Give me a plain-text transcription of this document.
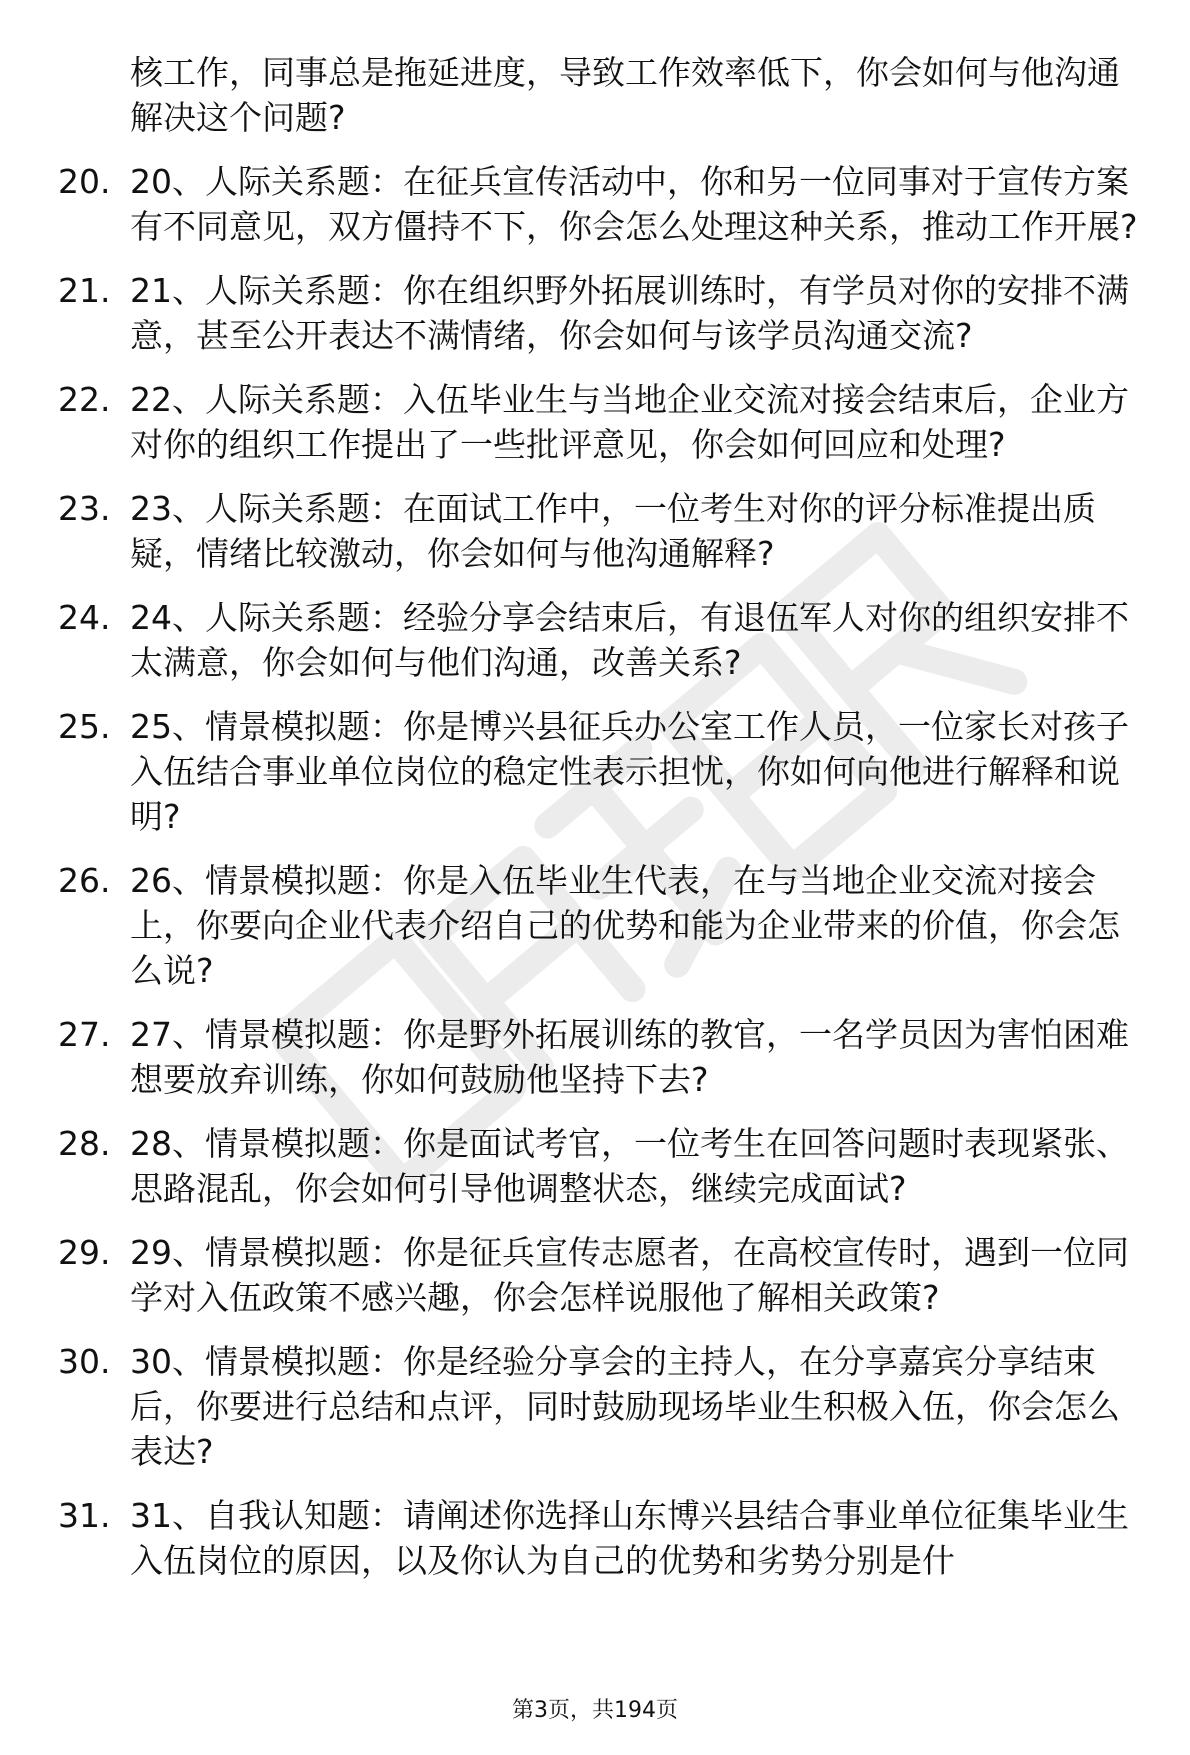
核工作，同事总是拖延进度，导致工作效率低下，你会如何与他沟通解决这个问题?

20. 20、人际关系题：在征兵宣传活动中，你和另一位同事对于宣传方案有不同意见，双方僵持不下，你会怎么处理这种关系，推动工作开展?

21. 21、人际关系题：你在组织野外拓展训练时，有学员对你的安排不满意，甚至公开表达不满情绪，你会如何与该学员沟通交流?

22. 22、人际关系题：入伍毕业生与当地企业交流对接会结束后，企业方对你的组织工作提出了一些批评意见，你会如何回应和处理?

23. 23、人际关系题：在面试工作中，一位考生对你的评分标准提出质疑，情绪比较激动，你会如何与他沟通解释?

24. 24、人际关系题：经验分享会结束后，有退伍军人对你的组织安排不太满意，你会如何与他们沟通，改善关系?

25. 25、情景模拟题：你是博兴县征兵办公室工作人员，一位家长对孩子入伍结合事业单位岗位的稳定性表示担忧，你如何向他进行解释和说明?

26. 26、情景模拟题：你是入伍毕业生代表，在与当地企业交流对接会上，你要向企业代表介绍自己的优势和能为企业带来的价值，你会怎么说?

27. 27、情景模拟题：你是野外拓展训练的教官，一名学员因为害怕困难想要放弃训练，你如何鼓励他坚持下去?

28. 28、情景模拟题：你是面试考官，一位考生在回答问题时表现紧张、思路混乱，你会如何引导他调整状态，继续完成面试?

29. 29、情景模拟题：你是征兵宣传志愿者，在高校宣传时，遇到一位同学对入伍政策不感兴趣，你会怎样说服他了解相关政策?

30. 30、情景模拟题：你是经验分享会的主持人，在分享嘉宾分享结束后，你要进行总结和点评，同时鼓励现场毕业生积极入伍，你会怎么表达?

31. 31、自我认知题：请阐述你选择山东博兴县结合事业单位征集毕业生入伍岗位的原因，以及你认为自己的优势和劣势分别是什

第3页，共194页
